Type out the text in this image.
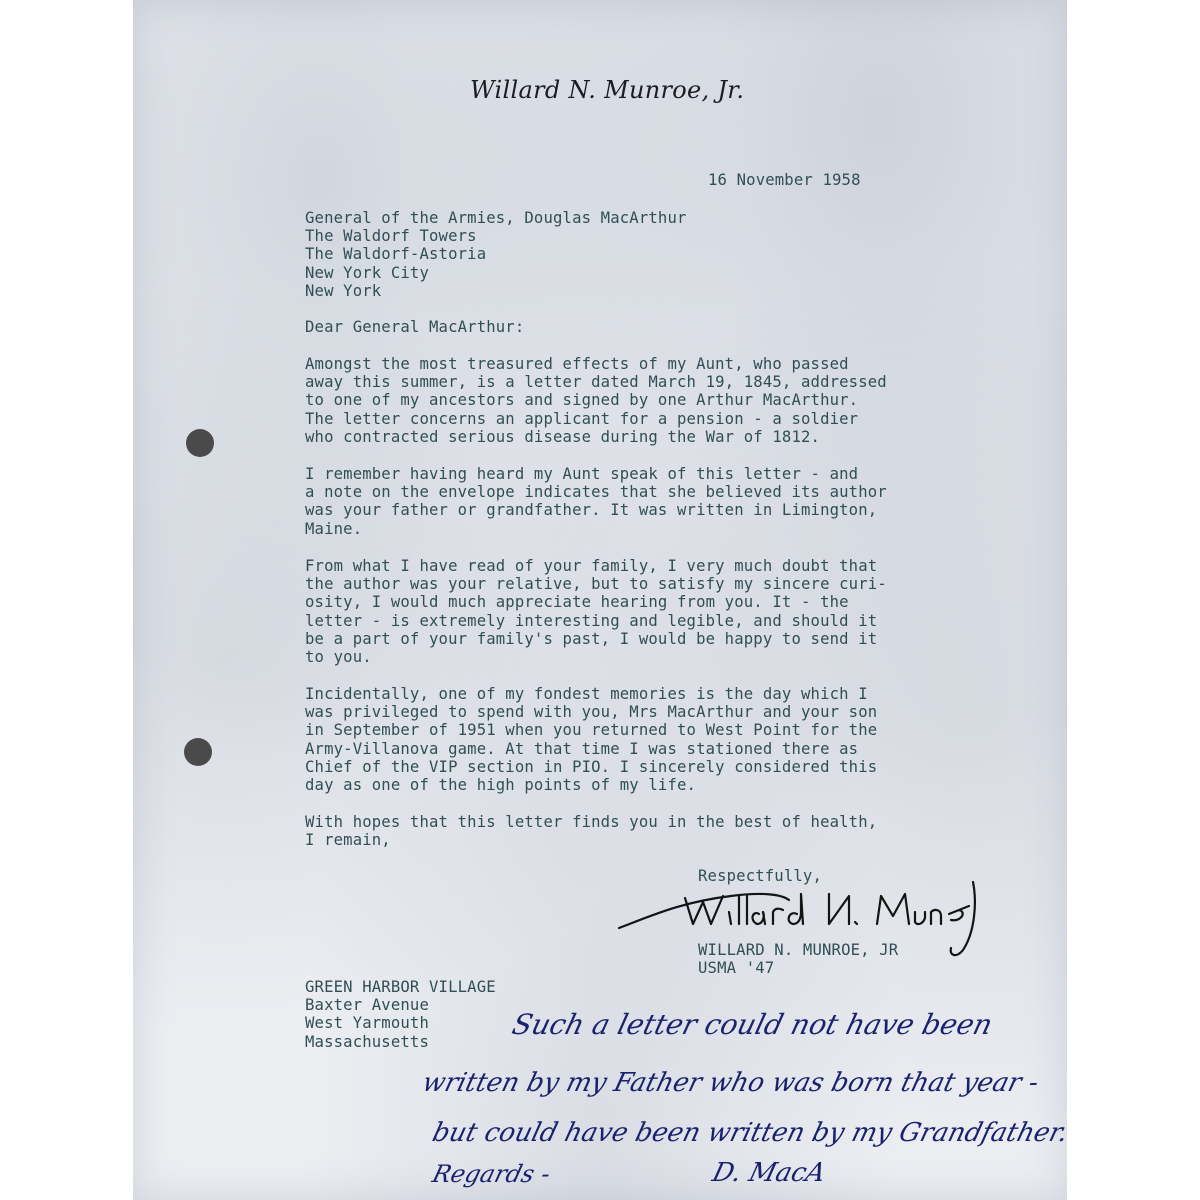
Willard N. Munroe, Jr.
16 November 1958
General of the Armies, Douglas MacArthur
The Waldorf Towers
The Waldorf-Astoria
New York City
New York
Dear General MacArthur:
Amongst the most treasured effects of my Aunt, who passed
away this summer, is a letter dated March 19, 1845, addressed
to one of my ancestors and signed by one Arthur MacArthur.
The letter concerns an applicant for a pension - a soldier
who contracted serious disease during the War of 1812.
I remember having heard my Aunt speak of this letter - and
a note on the envelope indicates that she believed its author
was your father or grandfather. It was written in Limington,
Maine.
From what I have read of your family, I very much doubt that
the author was your relative, but to satisfy my sincere curi-
osity, I would much appreciate hearing from you. It - the
letter - is extremely interesting and legible, and should it
be a part of your family's past, I would be happy to send it
to you.
Incidentally, one of my fondest memories is the day which I
was privileged to spend with you, Mrs MacArthur and your son
in September of 1951 when you returned to West Point for the
Army-Villanova game. At that time I was stationed there as
Chief of the VIP section in PIO. I sincerely considered this
day as one of the high points of my life.
With hopes that this letter finds you in the best of health,
I remain,
Respectfully,
WILLARD N. MUNROE, JR
USMA '47
GREEN HARBOR VILLAGE
Baxter Avenue
West Yarmouth
Massachusetts
Such a letter could not have been
written by my Father who was born that year -
but could have been written by my Grandfather.
Regards -	D. MacA
